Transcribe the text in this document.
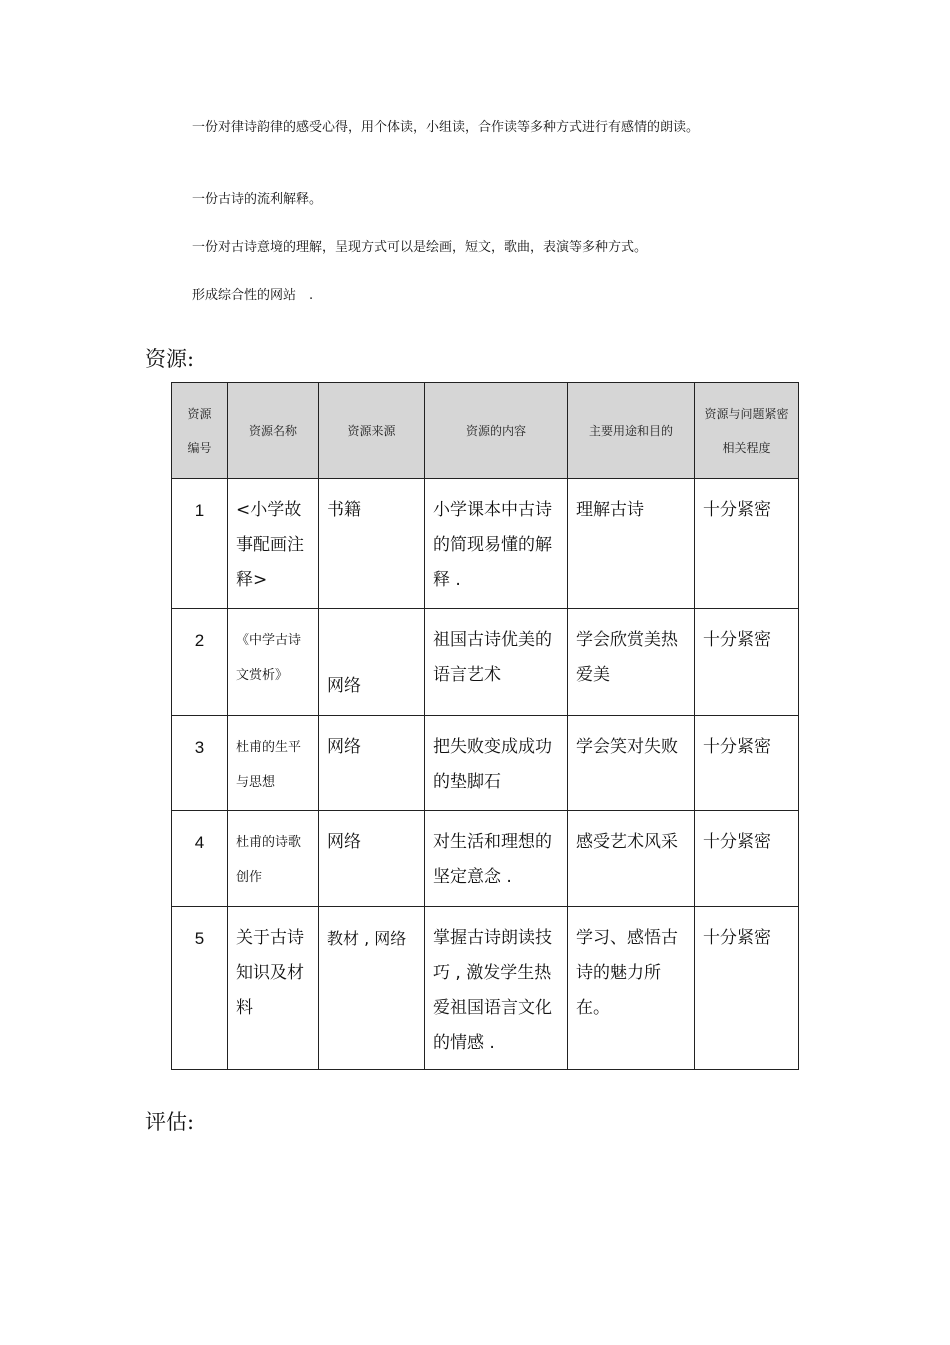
一份对律诗韵律的感受心得，用个体读，小组读，合作读等多种方式进行有感情的朗读。
一份古诗的流利解释。
一份对古诗意境的理解，呈现方式可以是绘画，短文，歌曲，表演等多种方式。
形成综合性的网站　.
资源:
资源编号	资源名称	资源来源	资源的内容	主要用途和目的	资源与问题紧密相关程度

1	<小学故事配画注释>	书籍	小学课本中古诗的简现易懂的解释 .	理解古诗	十分紧密

2	《中学古诗文赏析》	网络	祖国古诗优美的语言艺术	学会欣赏美热爱美	十分紧密

3	杜甫的生平与思想	网络	把失败变成成功的垫脚石	学会笑对失败	十分紧密

4	杜甫的诗歌创作	网络	对生活和理想的坚定意念 .	感受艺术风采	十分紧密

5	关于古诗知识及材料	教材 , 网络	掌握古诗朗读技巧 , 激发学生热爱祖国语言文化的情感 .	学习、感悟古诗的魅力所在。	十分紧密
评估:
